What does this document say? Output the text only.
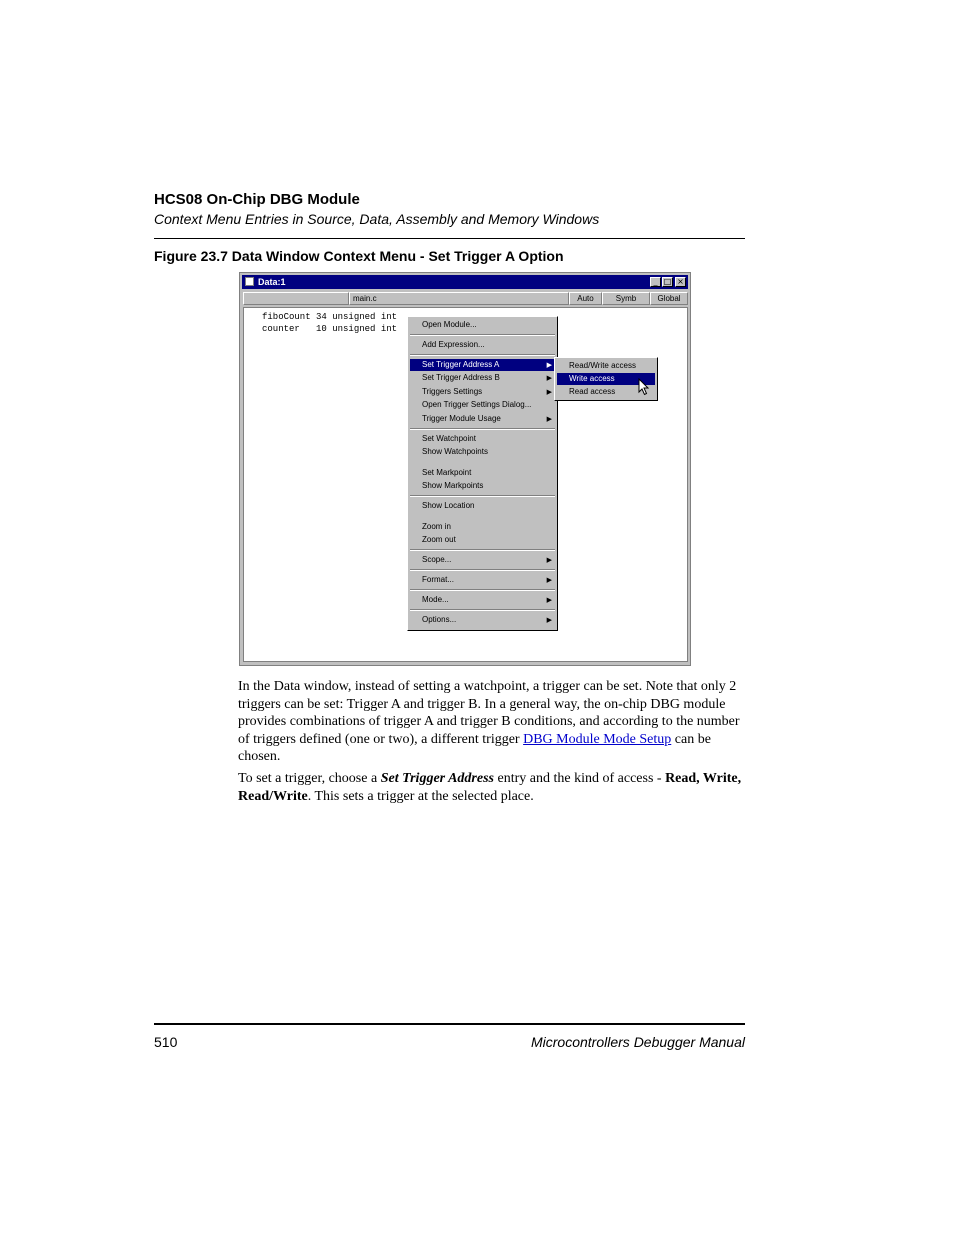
HCS08 On-Chip DBG Module
Context Menu Entries in Source, Data, Assembly and Memory Windows
Figure 23.7 Data Window Context Menu - Set Trigger A Option
Data:1	_ □ ×
main.c	Auto	Symb	Global
fiboCount 34 unsigned int
counter 10 unsigned int	Open Module...
Add Expression...
Set Trigger Address A	▶
Set Trigger Address B	▶
Triggers Settings	▶
Open Trigger Settings Dialog...
Trigger Module Usage	▶
Set Watchpoint
Show Watchpoints
Set Markpoint
Show Markpoints
Show Location
Zoom in
Zoom out
Scope...	▶
Format...	▶
Mode...	▶
Options...	▶
Read/Write access
Write access
Read access
In the Data window, instead of setting a watchpoint, a trigger can be set. Note that only 2 triggers can be set: Trigger A and trigger B. In a general way, the on-chip DBG module provides combinations of trigger A and trigger B conditions, and according to the number of triggers defined (one or two), a different trigger DBG Module Mode Setup can be chosen.
To set a trigger, choose a Set Trigger Address entry and the kind of access - Read, Write, Read/Write. This sets a trigger at the selected place.
510	Microcontrollers Debugger Manual
